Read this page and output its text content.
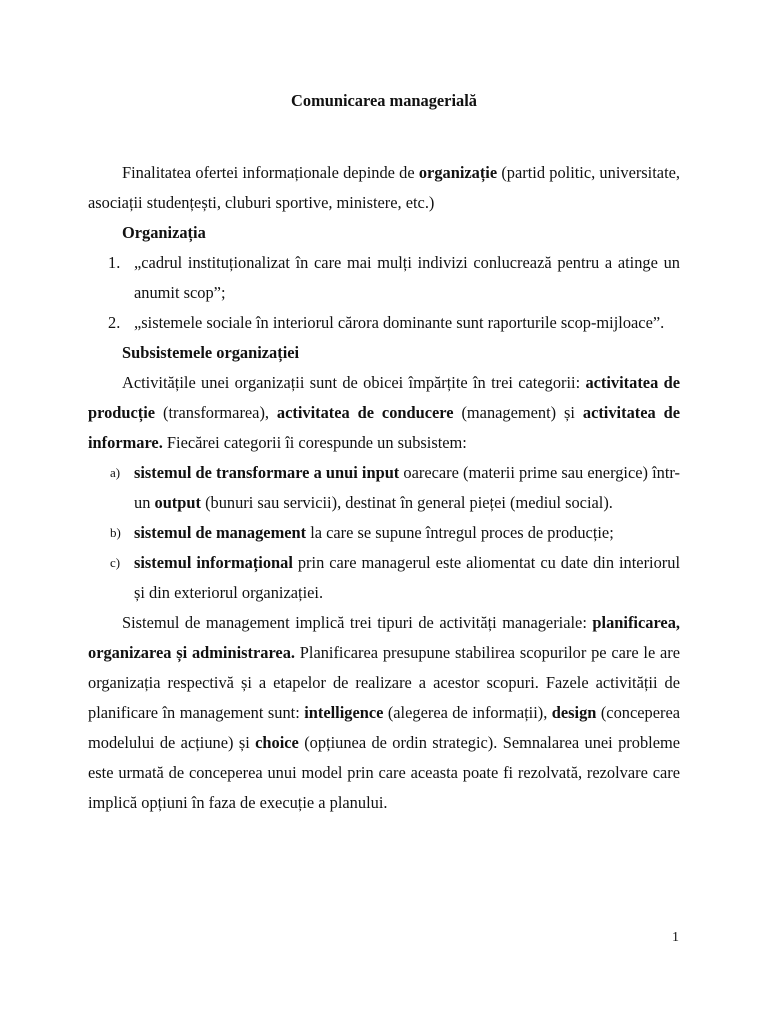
Comunicarea managerială

Finalitatea ofertei informaționale depinde de organizație (partid politic, universitate, asociații studențești, cluburi sportive, ministere, etc.)

Organizația

1. „cadrul instituționalizat în care mai mulți indivizi conlucrează pentru a atinge un anumit scop”;
2. „sistemele sociale în interiorul cărora dominante sunt raporturile scop-mijloace”.

Subsistemele organizației

Activitățile unei organizații sunt de obicei împărțite în trei categorii: activitatea de producție (transformarea), activitatea de conducere (management) și activitatea de informare. Fiecărei categorii îi corespunde un subsistem:

a) sistemul de transformare a unui input oarecare (materii prime sau energice) într-un output (bunuri sau servicii), destinat în general pieței (mediul social).
b) sistemul de management la care se supune întregul proces de producție;
c) sistemul informațional prin care managerul este aliomentat cu date din interiorul și din exteriorul organizației.

Sistemul de management implică trei tipuri de activități manageriale: planificarea, organizarea și administrarea. Planificarea presupune stabilirea scopurilor pe care le are organizația respectivă și a etapelor de realizare a acestor scopuri. Fazele activității de planificare în management sunt: intelligence (alegerea de informații), design (conceperea modelului de acțiune) și choice (opțiunea de ordin strategic). Semnalarea unei probleme este urmată de conceperea unui model prin care aceasta poate fi rezolvată, rezolvare care implică opțiuni în faza de execuție a planului.

1
